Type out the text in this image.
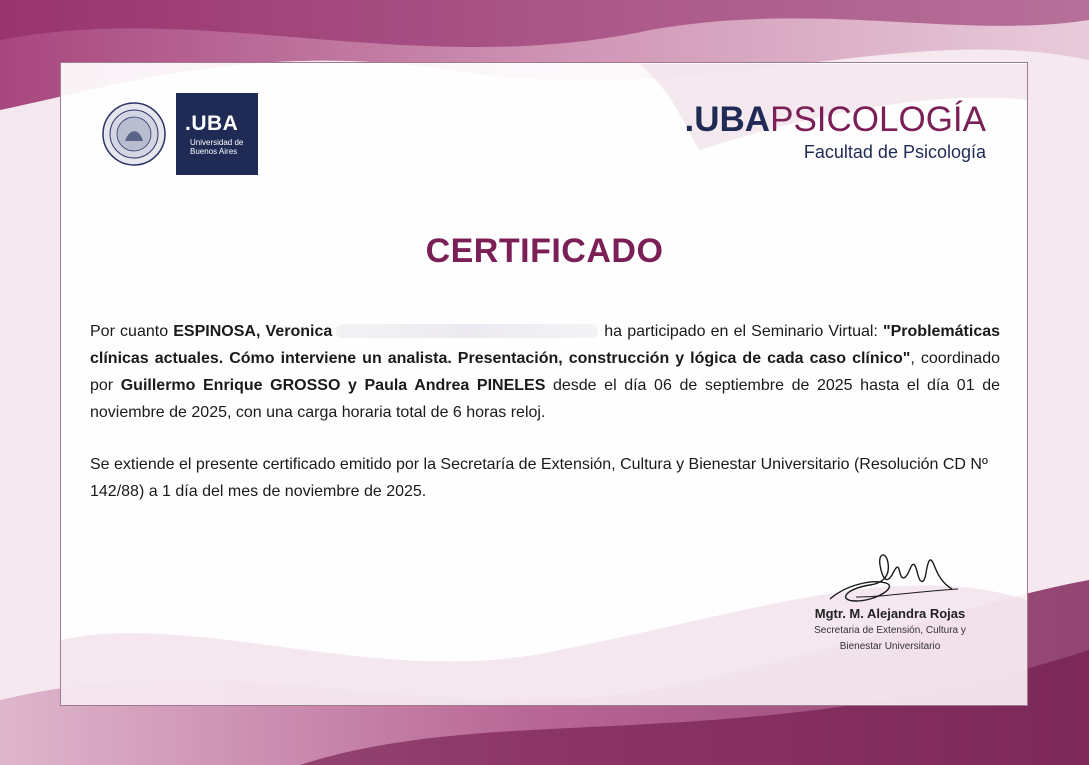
.UBA
Universidad de
Buenos Aires
.UBAPSICOLOGÍA
Facultad de Psicología
CERTIFICADO
Por cuanto ESPINOSA, Veronica	ha participado en el Seminario Virtual: "Problemáticas clínicas actuales. Cómo interviene un analista. Presentación, construcción y lógica de cada caso clínico", coordinado por Guillermo Enrique GROSSO y Paula Andrea PINELES desde el día 06 de septiembre de 2025 hasta el día 01 de noviembre de 2025, con una carga horaria total de 6 horas reloj.
Se extiende el presente certificado emitido por la Secretaría de Extensión, Cultura y Bienestar Universitario (Resolución CD Nº 142/88) a 1 día del mes de noviembre de 2025.
Mgtr. M. Alejandra Rojas
Secretaria de Extensión, Cultura y
Bienestar Universitario
